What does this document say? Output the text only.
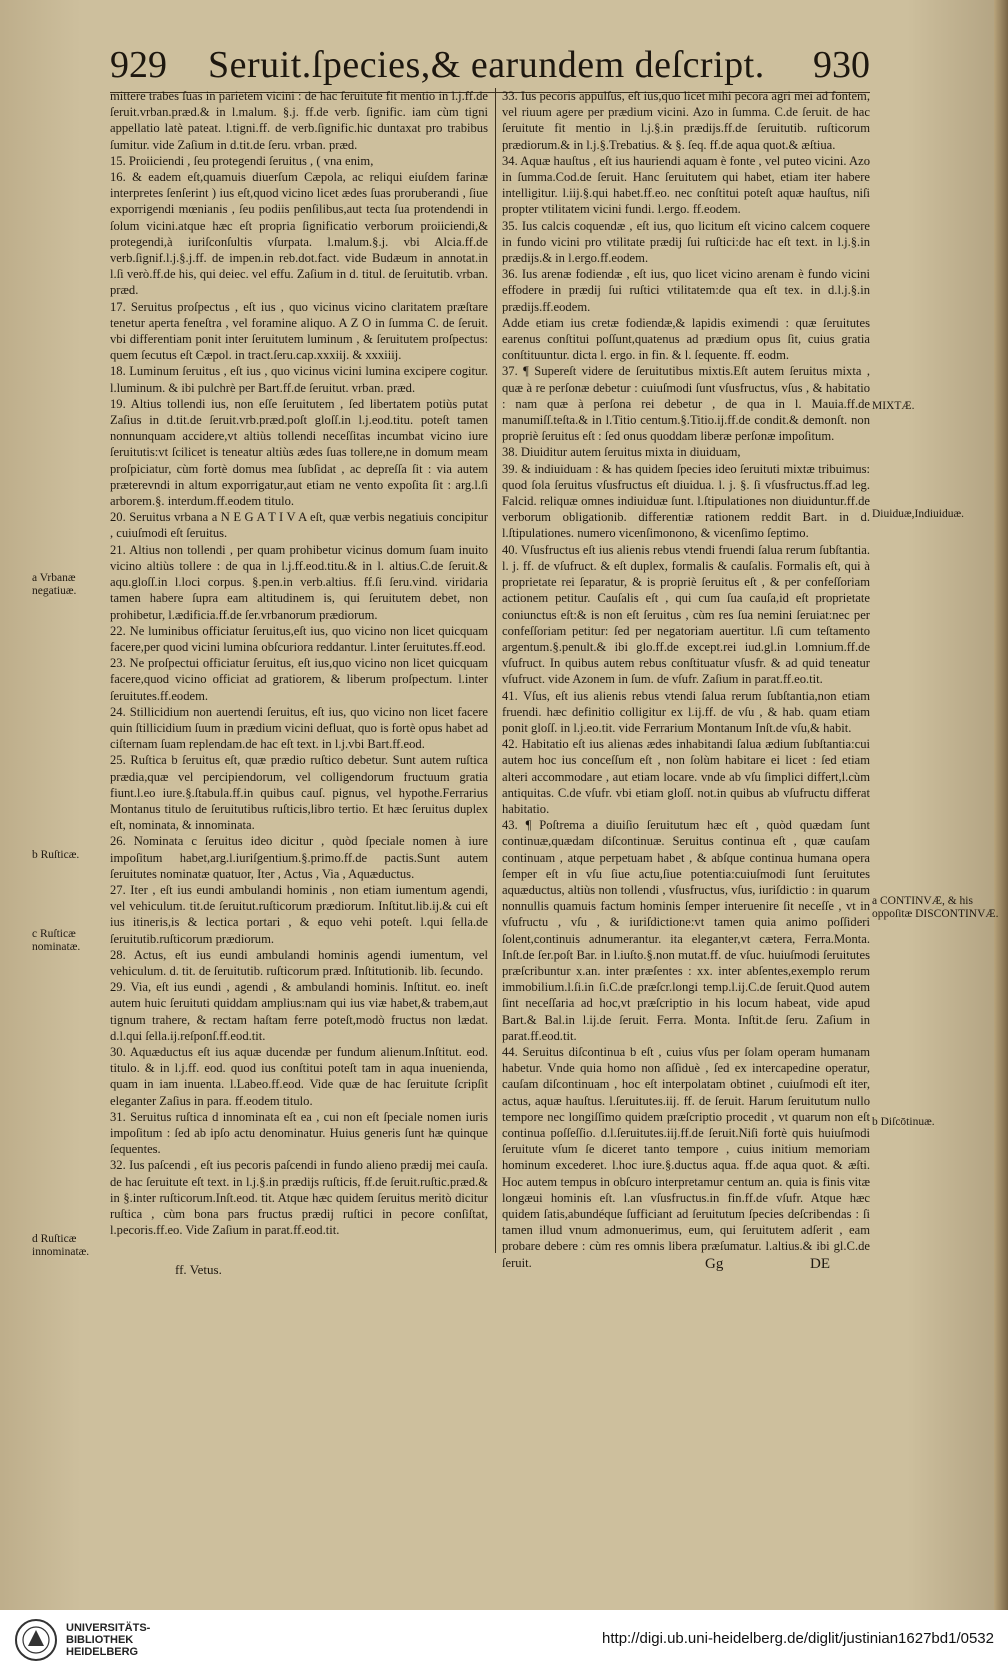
929 Seruit.ſpecies,& earundem deſcript. 930

mittere trabes ſuas in parietem vicini : de hac ſeruitute fit mentio in l.j.ff.de ſeruit.vrban.præd.& in l.malum. §.j. ff.de verb. ſignific. iam cùm tigni appellatio latè pateat. l.tigni.ff. de verb.ſignific.hic duntaxat pro trabibus ſumitur. vide Zaſium in d.tit.de ſeru. vrban. præd.

15. Proiiciendi , ſeu protegendi ſeruitus , ( vna enim,

16. & eadem eſt,quamuis diuerſum Cæpola, ac reliqui eiuſdem farinæ interpretes ſenſerint ) ius eſt,quod vicino licet ædes ſuas proruberandi , ſiue exporrigendi mœnianis , ſeu podiis penſilibus,aut tecta ſua protendendi in ſolum vicini.atque hæc eſt propria ſignificatio verborum proiiciendi,& protegendi,à iuriſconſultis vſurpata. l.malum.§.j. vbi Alcia.ff.de verb.ſignif.l.j.§.j.ff. de impen.in reb.dot.fact. vide Budæum in annotat.in l.ſi verò.ff.de his, qui deiec. vel effu. Zaſium in d. titul. de ſeruitutib. vrban. præd.

17. Seruitus proſpectus , eſt ius , quo vicinus vicino claritatem præſtare tenetur aperta feneſtra , vel foramine aliquo. A Z O in ſumma C. de ſeruit. vbi differentiam ponit inter ſeruitutem luminum , & ſeruitutem proſpectus: quem ſecutus eſt Cæpol. in tract.ſeru.cap.xxxiij. & xxxiiij.

18. Luminum ſeruitus , eſt ius , quo vicinus vicini lumina excipere cogitur. l.luminum. & ibi pulchrè per Bart.ff.de ſeruitut. vrban. præd.

19. Altius tollendi ius, non eſſe ſeruitutem , ſed libertatem potiùs putat Zaſius in d.tit.de ſeruit.vrb.præd.poſt gloſſ.in l.j.eod.titu. poteſt tamen nonnunquam accidere,vt altiùs tollendi neceſſitas incumbat vicino iure ſeruitutis:vt ſcilicet is teneatur altiùs ædes ſuas tollere,ne in domum meam proſpiciatur, cùm fortè domus mea ſubſidat , ac depreſſa ſit : via autem præterevndi in altum exporrigatur,aut etiam ne vento expoſita ſit : arg.l.ſi arborem.§. interdum.ff.eodem titulo.

20. Seruitus vrbana a N E G A T I V A eſt, quæ verbis negatiuis concipitur , cuiuſmodi eſt ſeruitus.

21. Altius non tollendi , per quam prohibetur vicinus domum ſuam inuito vicino altiùs tollere : de qua in l.j.ff.eod.titu.& in l. altius.C.de ſeruit.& aqu.gloſſ.in l.loci corpus. §.pen.in verb.altius. ff.ſi ſeru.vind. viridaria tamen habere ſupra eam altitudinem is, qui ſeruitutem debet, non prohibetur, l.ædificia.ff.de ſer.vrbanorum prædiorum.

22. Ne luminibus officiatur ſeruitus,eſt ius, quo vicino non licet quicquam facere,per quod vicini lumina obſcuriora reddantur. l.inter ſeruitutes.ff.eod.

23. Ne proſpectui officiatur ſeruitus, eſt ius,quo vicino non licet quicquam facere,quod vicino officiat ad gratiorem, & liberum proſpectum. l.inter ſeruitutes.ff.eodem.

24. Stillicidium non auertendi ſeruitus, eſt ius, quo vicino non licet facere quin ſtillicidium ſuum in prædium vicini defluat, quo is fortè opus habet ad ciſternam ſuam replendam.de hac eſt text. in l.j.vbi Bart.ff.eod.

25. Ruſtica b ſeruitus eſt, quæ prædio ruſtico debetur. Sunt autem ruſtica prædia,quæ vel percipiendorum, vel colligendorum fructuum gratia fiunt.l.eo iure.§.ſtabula.ff.in quibus cauſ. pignus, vel hypothe.Ferrarius Montanus titulo de ſeruitutibus ruſticis,libro tertio. Et hæc ſeruitus duplex eſt, nominata, & innominata.

26. Nominata c ſeruitus ideo dicitur , quòd ſpeciale nomen à iure impoſitum habet,arg.l.iuriſgentium.§.primo.ff.de pactis.Sunt autem ſeruitutes nominatæ quatuor, Iter , Actus , Via , Aquæductus.

27. Iter , eſt ius eundi ambulandi hominis , non etiam iumentum agendi, vel vehiculum. tit.de ſeruitut.ruſticorum prædiorum. Inſtitut.lib.ij.& cui eſt ius itineris,is & lectica portari , & equo vehi poteſt. l.qui ſella.de ſeruitutib.ruſticorum prædiorum.

28. Actus, eſt ius eundi ambulandi hominis agendi iumentum, vel vehiculum. d. tit. de ſeruitutib. ruſticorum præd. Inſtitutionib. lib. ſecundo.

29. Via, eſt ius eundi , agendi , & ambulandi hominis. Inſtitut. eo. ineſt autem huic ſeruituti quiddam amplius:nam qui ius viæ habet,& trabem,aut tignum trahere, & rectam haſtam ferre poteſt,modò fructus non lædat. d.l.qui ſella.ij.reſponſ.ff.eod.tit.

30. Aquæductus eſt ius aquæ ducendæ per fundum alienum.Inſtitut. eod. titulo. & in l.j.ff. eod. quod ius conſtitui poteſt tam in aqua inuenienda, quam in iam inuenta. l.Labeo.ff.eod. Vide quæ de hac ſeruitute ſcripſit eleganter Zaſius in para. ff.eodem titulo.

31. Seruitus ruſtica d innominata eſt ea , cui non eſt ſpeciale nomen iuris impoſitum : ſed ab ipſo actu denominatur. Huius generis ſunt hæ quinque ſequentes.

32. Ius paſcendi , eſt ius pecoris paſcendi in fundo alieno prædij mei cauſa. de hac ſeruitute eſt text. in l.j.§.in prædijs ruſticis, ff.de ſeruit.ruſtic.præd.& in §.inter ruſticorum.Inſt.eod. tit. Atque hæc quidem ſeruitus meritò dicitur ruſtica , cùm bona pars fructus prædij ruſtici in pecore conſiſtat, l.pecoris.ff.eo. Vide Zaſium in parat.ff.eod.tit.

33. Ius pecoris appulſus, eſt ius,quo licet mihi pecora agri mei ad fontem, vel riuum agere per prædium vicini. Azo in ſumma. C.de ſeruit. de hac ſeruitute fit mentio in l.j.§.in prædijs.ff.de ſeruitutib. ruſticorum prædiorum.& in l.j.§.Trebatius. & §. ſeq. ff.de aqua quot.& æſtiua.

34. Aquæ hauſtus , eſt ius hauriendi aquam è fonte , vel puteo vicini. Azo in ſumma.Cod.de ſeruit. Hanc ſeruitutem qui habet, etiam iter habere intelligitur. l.iij.§.qui habet.ff.eo. nec conſtitui poteſt aquæ hauſtus, niſi propter vtilitatem vicini fundi. l.ergo. ff.eodem.

35. Ius calcis coquendæ , eſt ius, quo licitum eſt vicino calcem coquere in fundo vicini pro vtilitate prædij ſui ruſtici:de hac eſt text. in l.j.§.in prædijs.& in l.ergo.ff.eodem.

36. Ius arenæ fodiendæ , eſt ius, quo licet vicino arenam è fundo vicini effodere in prædij ſui ruſtici vtilitatem:de qua eſt tex. in d.l.j.§.in prædijs.ff.eodem.

Adde etiam ius cretæ fodiendæ,& lapidis eximendi : quæ ſeruitutes earenus conſtitui poſſunt,quatenus ad prædium opus ſit, cuius gratia conſtituuntur. dicta l. ergo. in fin. & l. ſequente. ff. eodm.

37. ¶ Supereſt videre de ſeruitutibus mixtis.Eſt autem ſeruitus mixta , quæ à re perſonæ debetur : cuiuſmodi ſunt vſusfructus, vſus , & habitatio : nam quæ à perſona rei debetur , de qua in l. Mauia.ff.de manumiſſ.teſta.& in l.Titio centum.§.Titio.ij.ff.de condit.& demonſt. non propriè ſeruitus eſt : ſed onus quoddam liberæ perſonæ impoſitum.

38. Diuiditur autem ſeruitus mixta in diuiduam,

39. & indiuiduam : & has quidem ſpecies ideo ſeruituti mixtæ tribuimus: quod ſola ſeruitus vſusfructus eſt diuidua. l. j. §. ſi vſusfructus.ff.ad leg. Falcid. reliquæ omnes indiuiduæ ſunt. l.ſtipulationes non diuiduntur.ff.de verborum obligationib. differentiæ rationem reddit Bart. in d. l.ſtipulationes. numero vicenſimonono, & vicenſimo ſeptimo.

40. Vſusfructus eſt ius alienis rebus vtendi fruendi ſalua rerum ſubſtantia. l. j. ff. de vſufruct. & eſt duplex, formalis & cauſalis. Formalis eſt, qui à proprietate rei ſeparatur, & is propriè ſeruitus eſt , & per confeſſoriam actionem petitur. Cauſalis eſt , qui cum ſua cauſa,id eſt proprietate coniunctus eſt:& is non eſt ſeruitus , cùm res ſua nemini ſeruiat:nec per confeſſoriam petitur: ſed per negatoriam auertitur. l.ſi cum teſtamento argentum.§.penult.& ibi glo.ff.de except.rei iud.gl.in l.omnium.ff.de vſufruct. In quibus autem rebus conſtituatur vſusfr. & ad quid teneatur vſufruct. vide Azonem in ſum. de vſufr. Zaſium in parat.ff.eo.tit.

41. Vſus, eſt ius alienis rebus vtendi ſalua rerum ſubſtantia,non etiam fruendi. hæc definitio colligitur ex l.ij.ff. de vſu , & hab. quam etiam ponit gloſſ. in l.j.eo.tit. vide Ferrarium Montanum Inſt.de vſu,& habit.

42. Habitatio eſt ius alienas ædes inhabitandi ſalua ædium ſubſtantia:cui autem hoc ius conceſſum eſt , non ſolùm habitare ei licet : ſed etiam alteri accommodare , aut etiam locare. vnde ab vſu ſimplici differt,l.cùm antiquitas. C.de vſufr. vbi etiam gloſſ. not.in quibus ab vſufructu differat habitatio.

43. ¶ Poſtrema a diuiſio ſeruitutum hæc eſt , quòd quædam ſunt continuæ,quædam diſcontinuæ. Seruitus continua eſt , quæ cauſam continuam , atque perpetuam habet , & abſque continua humana opera ſemper eſt in vſu ſiue actu,ſiue potentia:cuiuſmodi ſunt ſeruitutes aquæductus, altiùs non tollendi , vſusfructus, vſus, iuriſdictio : in quarum nonnullis quamuis factum hominis ſemper interuenire ſit neceſſe , vt in vſufructu , vſu , & iuriſdictione:vt tamen quia animo poſſideri ſolent,continuis adnumerantur. ita eleganter,vt cætera, Ferra.Monta. Inſt.de ſer.poſt Bar. in l.iuſto.§.non mutat.ff. de vſuc. huiuſmodi ſeruitutes præſcribuntur x.an. inter præſentes : xx. inter abſentes,exemplo rerum immobilium.l.ſi.in ſi.C.de præſcr.longi temp.l.ij.C.de ſeruit.Quod autem ſint neceſſaria ad hoc,vt præſcriptio in his locum habeat, vide apud Bart.& Bal.in l.ij.de ſeruit. Ferra. Monta. Inſtit.de ſeru. Zaſium in parat.ff.eod.tit.

44. Seruitus diſcontinua b eſt , cuius vſus per ſolam operam humanam habetur. Vnde quia homo non aſſiduè , ſed ex intercapedine operatur, cauſam diſcontinuam , hoc eſt interpolatam obtinet , cuiuſmodi eſt iter, actus, aquæ hauſtus. l.ſeruitutes.iij. ff. de ſeruit. Harum ſeruitutum nullo tempore nec longiſſimo quidem præſcriptio procedit , vt quarum non eſt continua poſſeſſio. d.l.ſeruitutes.iij.ff.de ſeruit.Niſi fortè quis huiuſmodi ſeruitute vſum ſe diceret tanto tempore , cuius initium memoriam hominum excederet. l.hoc iure.§.ductus aqua. ff.de aqua quot. & æſti. Hoc autem tempus in obſcuro interpretamur centum an. quia is finis vitæ longæui hominis eſt. l.an vſusfructus.in fin.ff.de vſufr. Atque hæc quidem ſatis,abundéque ſufficiant ad ſeruitutum ſpecies deſcribendas : ſi tamen illud vnum admonuerimus, eum, qui ſeruitutem adſerit , eam probare debere : cùm res omnis libera præſumatur. l.altius.& ibi gl.C.de ſeruit.

a Vrbanæ negatiuæ.
b Ruſticæ.
c Ruſticæ nominatæ.
d Ruſticæ innominatæ.
MIXTÆ.
Diuiduæ,Indiuiduæ.
a CONTINVÆ, & his oppoſitæ DISCONTINVÆ.
b Diſcōtinuæ.
ff. Vetus.	Gg	DE
UNIVERSITÄTS-
BIBLIOTHEK
HEIDELBERG
http://digi.ub.uni-heidelberg.de/diglit/justinian1627bd1/0532
